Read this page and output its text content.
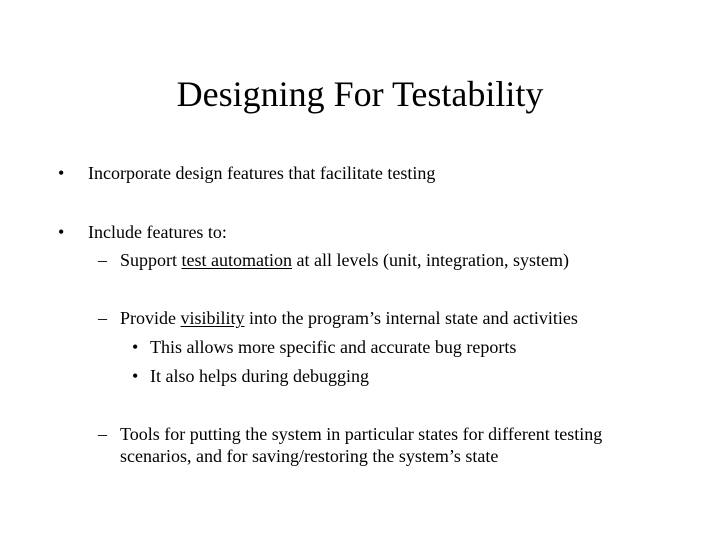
Designing For Testability
• Incorporate design features that facilitate testing
• Include features to:
– Support test automation at all levels (unit, integration, system)
– Provide visibility into the program’s internal state and activities
• This allows more specific and accurate bug reports
• It also helps during debugging
– Tools for putting the system in particular states for different testing
scenarios, and for saving/restoring the system’s state
